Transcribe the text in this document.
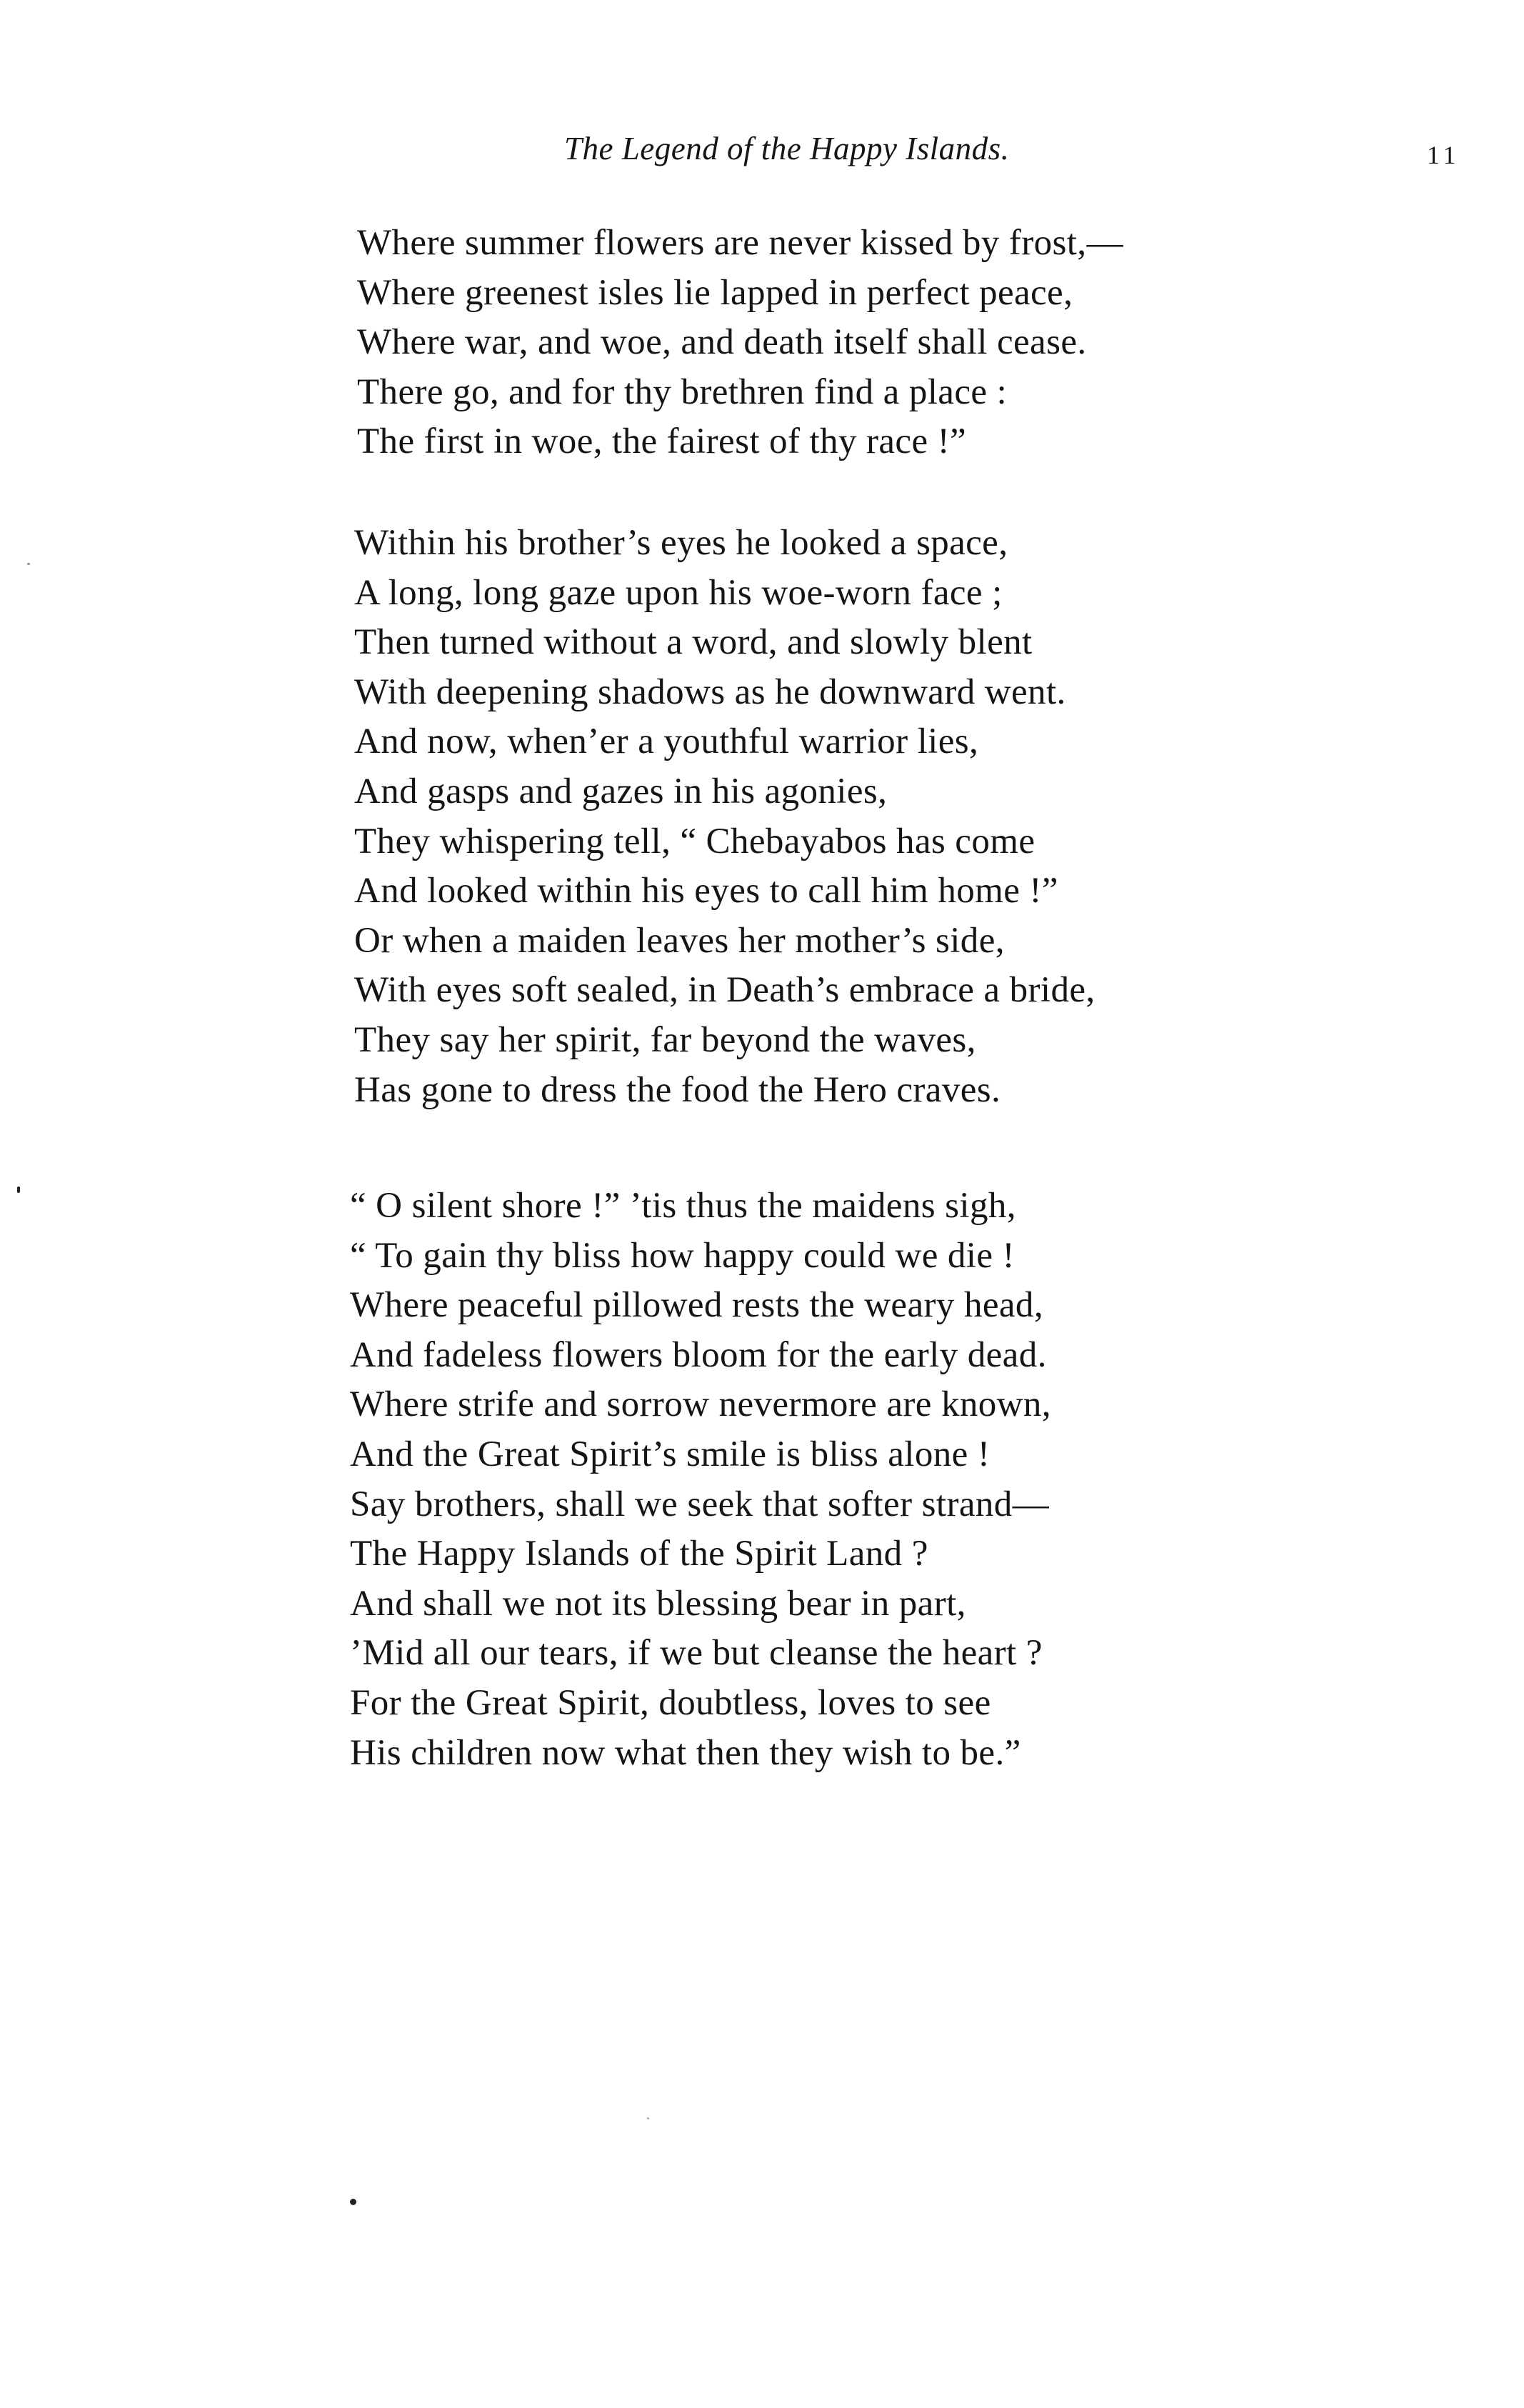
The Legend of the Happy Islands.	11
Where summer flowers are never kissed by frost,—
Where greenest isles lie lapped in perfect peace,
Where war, and woe, and death itself shall cease.
There go, and for thy brethren find a place :
The first in woe, the fairest of thy race !”
Within his brother’s eyes he looked a space,
A long, long gaze upon his woe-worn face ;
Then turned without a word, and slowly blent
With deepening shadows as he downward went.
And now, when’er a youthful warrior lies,
And gasps and gazes in his agonies,
They whispering tell, “ Chebayabos has come
And looked within his eyes to call him home !”
Or when a maiden leaves her mother’s side,
With eyes soft sealed, in Death’s embrace a bride,
They say her spirit, far beyond the waves,
Has gone to dress the food the Hero craves.
“ O silent shore !” ’tis thus the maidens sigh,
“ To gain thy bliss how happy could we die !
Where peaceful pillowed rests the weary head,
And fadeless flowers bloom for the early dead.
Where strife and sorrow nevermore are known,
And the Great Spirit’s smile is bliss alone !
Say brothers, shall we seek that softer strand—
The Happy Islands of the Spirit Land ?
And shall we not its blessing bear in part,
’Mid all our tears, if we but cleanse the heart ?
For the Great Spirit, doubtless, loves to see
His children now what then they wish to be.”
